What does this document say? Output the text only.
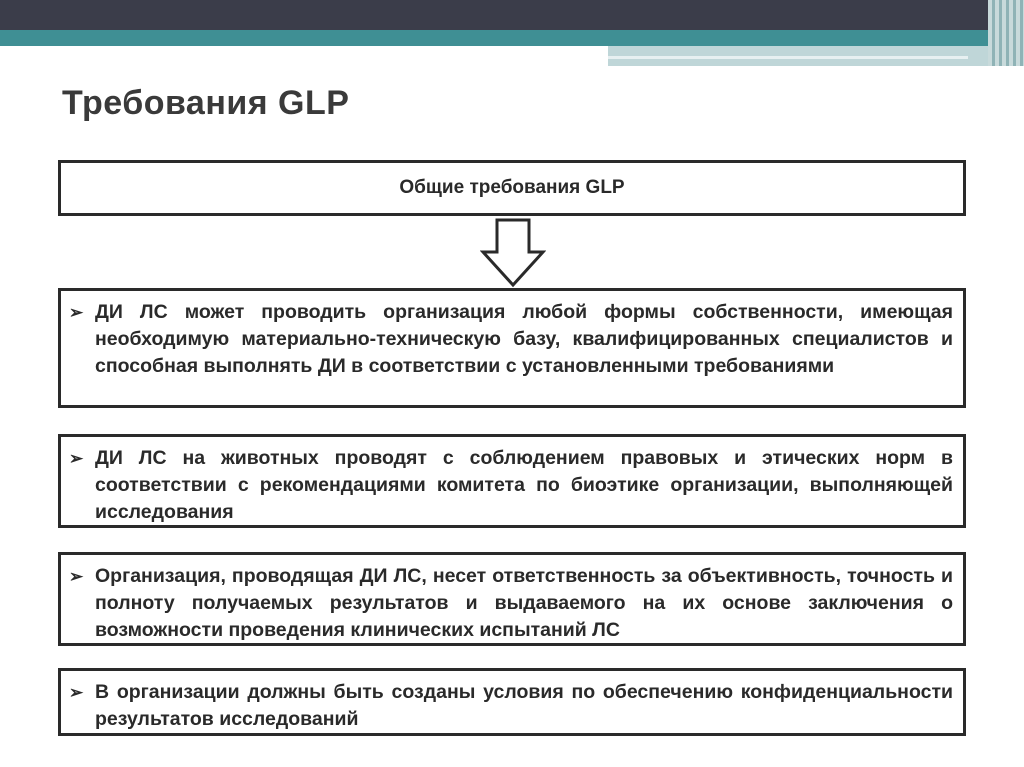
Требования GLP
Общие требования GLP
➢ ДИ ЛС может проводить организация любой формы собственности, имеющая необходимую материально-техническую базу, квалифицированных специалистов и способная выполнять ДИ в соответствии с установленными требованиями
➢ ДИ ЛС на животных проводят с соблюдением правовых и этических норм в соответствии с рекомендациями комитета по биоэтике организации, выполняющей исследования
➢ Организация, проводящая ДИ ЛС, несет ответственность за объективность, точность и полноту получаемых результатов и выдаваемого на их основе заключения о возможности проведения клинических испытаний ЛС
➢ В организации должны быть созданы условия по обеспечению конфиденциальности результатов исследований
